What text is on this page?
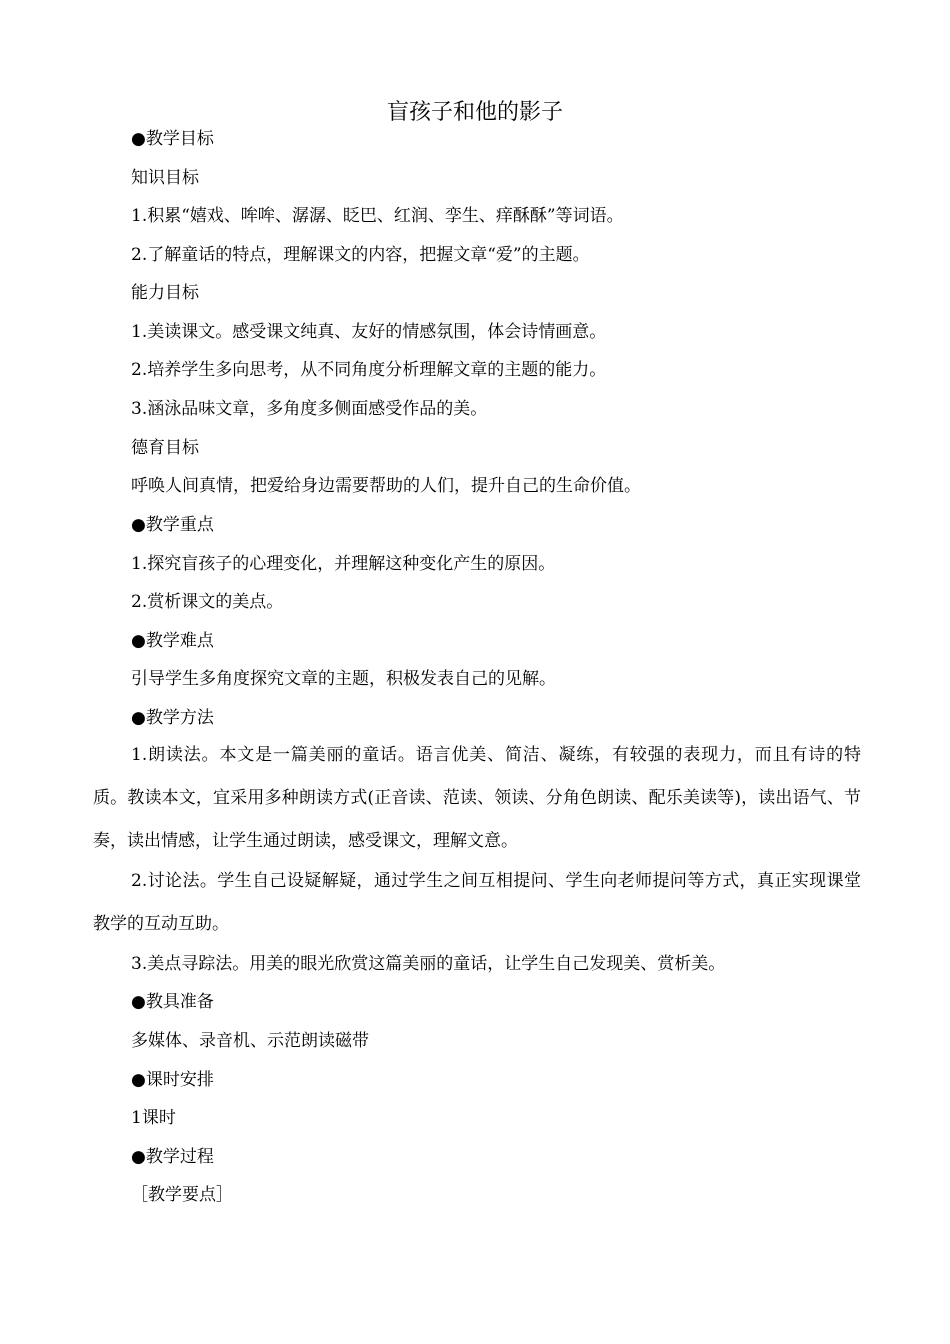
盲孩子和他的影子
●教学目标
知识目标
1.积累“嬉戏、哞哞、潺潺、眨巴、红润、孪生、痒酥酥”等词语。
2.了解童话的特点，理解课文的内容，把握文章“爱”的主题。
能力目标
1.美读课文。感受课文纯真、友好的情感氛围，体会诗情画意。
2.培养学生多向思考，从不同角度分析理解文章的主题的能力。
3.涵泳品味文章，多角度多侧面感受作品的美。
德育目标
呼唤人间真情，把爱给身边需要帮助的人们，提升自己的生命价值。
●教学重点
1.探究盲孩子的心理变化，并理解这种变化产生的原因。
2.赏析课文的美点。
●教学难点
引导学生多角度探究文章的主题，积极发表自己的见解。
●教学方法
1.朗读法。本文是一篇美丽的童话。语言优美、简洁、凝练，有较强的表现力，而且有诗的特质。教读本文，宜采用多种朗读方式(正音读、范读、领读、分角色朗读、配乐美读等)，读出语气、节奏，读出情感，让学生通过朗读，感受课文，理解文意。
2.讨论法。学生自己设疑解疑，通过学生之间互相提问、学生向老师提问等方式，真正实现课堂教学的互动互助。
3.美点寻踪法。用美的眼光欣赏这篇美丽的童话，让学生自己发现美、赏析美。
●教具准备
多媒体、录音机、示范朗读磁带
●课时安排
1课时
●教学过程
［教学要点］
